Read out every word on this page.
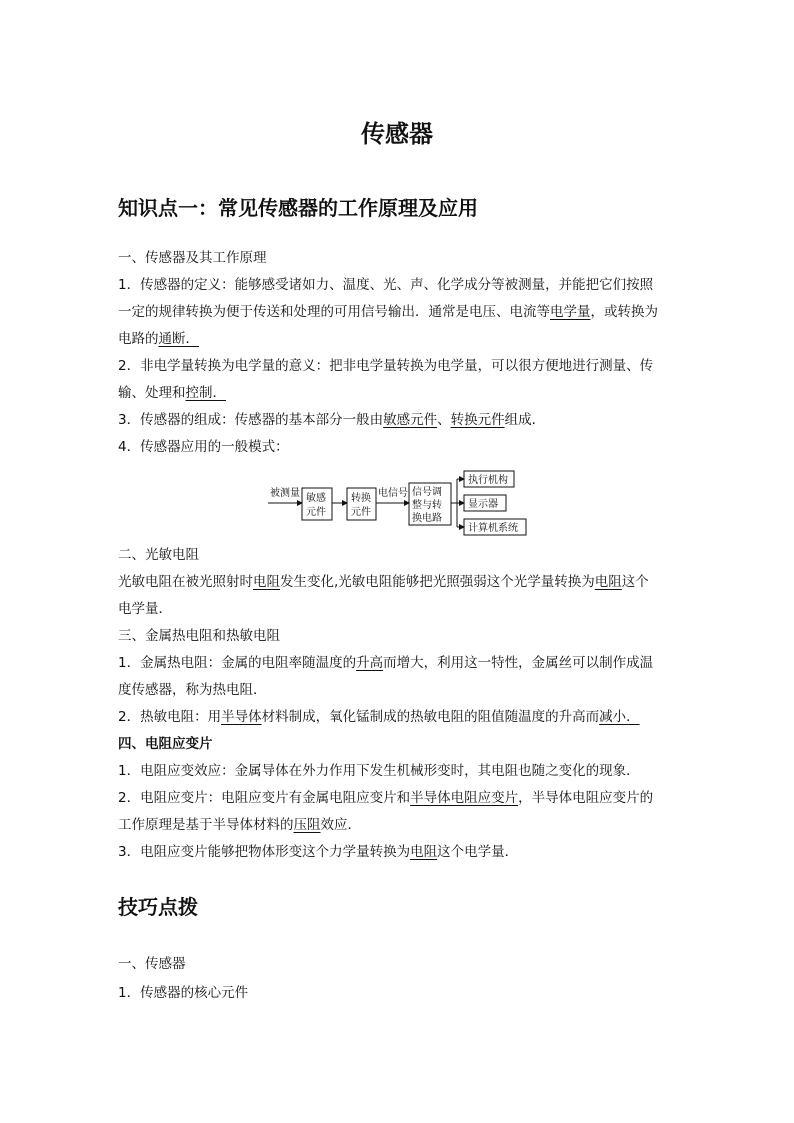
传感器
知识点一：常见传感器的工作原理及应用
一、传感器及其工作原理
1．传感器的定义：能够感受诸如力、温度、光、声、化学成分等被测量，并能把它们按照
一定的规律转换为便于传送和处理的可用信号输出．通常是电压、电流等电学量，或转换为
电路的通断．
2．非电学量转换为电学量的意义：把非电学量转换为电学量，可以很方便地进行测量、传
输、处理和控制．
3．传感器的组成：传感器的基本部分一般由敏感元件、转换元件组成．
4．传感器应用的一般模式：
被测量 敏感
元件
转换
元件
电信号 信号调
整与转
换电路
执行机构
显示器
计算机系统
二、光敏电阻
光敏电阻在被光照射时电阻发生变化,光敏电阻能够把光照强弱这个光学量转换为电阻这个
电学量．
三、金属热电阻和热敏电阻
1．金属热电阻：金属的电阻率随温度的升高而增大，利用这一特性，金属丝可以制作成温
度传感器，称为热电阻．
2．热敏电阻：用半导体材料制成，氧化锰制成的热敏电阻的阻值随温度的升高而减小．
四、电阻应变片
1．电阻应变效应：金属导体在外力作用下发生机械形变时，其电阻也随之变化的现象．
2．电阻应变片：电阻应变片有金属电阻应变片和半导体电阻应变片，半导体电阻应变片的
工作原理是基于半导体材料的压阻效应．
3．电阻应变片能够把物体形变这个力学量转换为电阻这个电学量．
技巧点拨
一、传感器
1．传感器的核心元件
